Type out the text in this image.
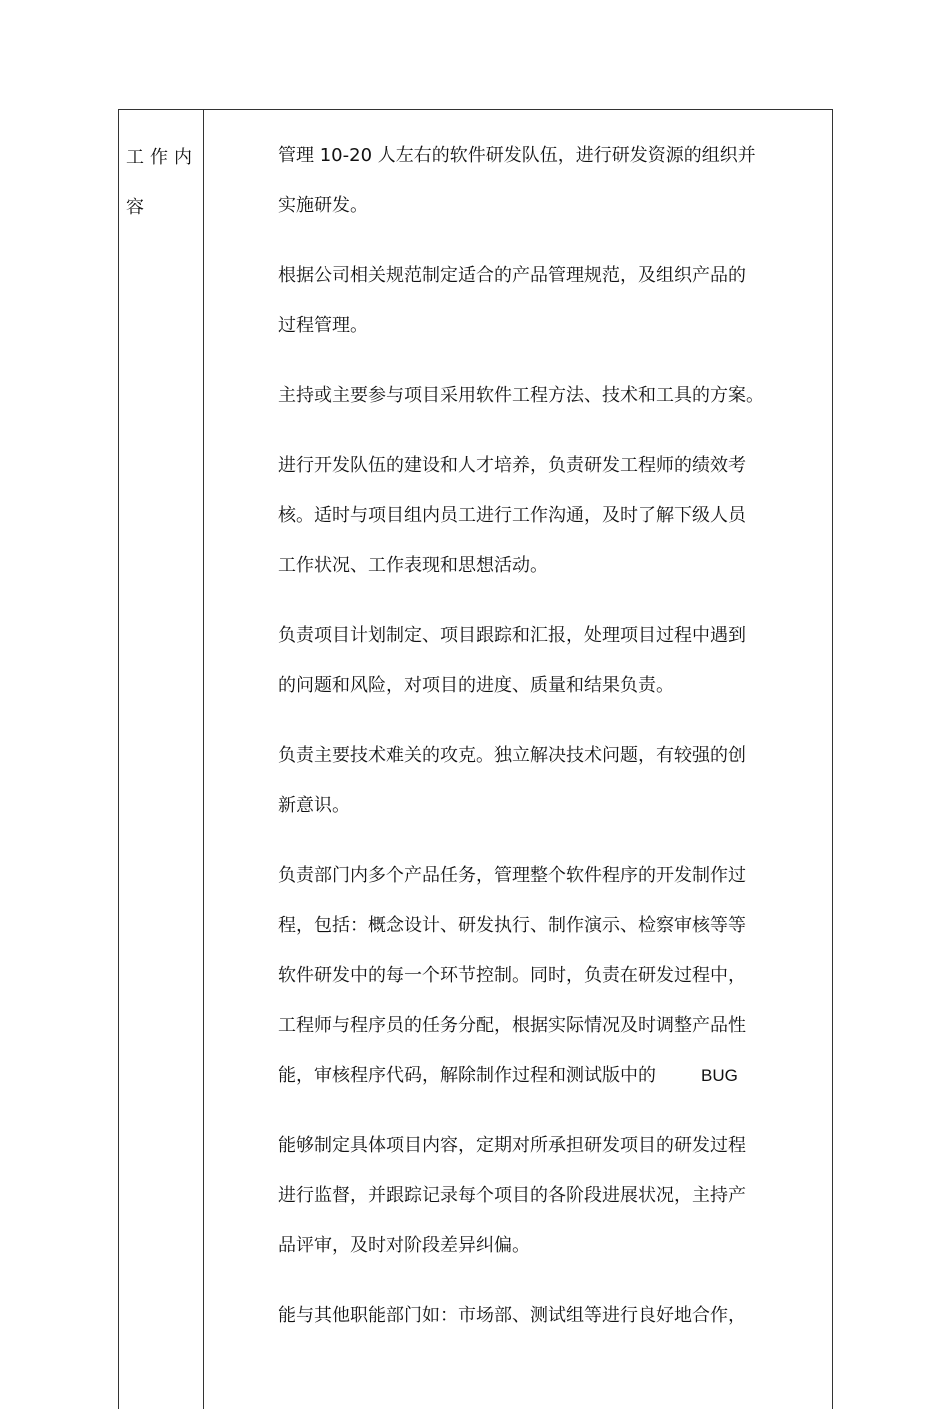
工作内容
管理 10-20 人左右的软件研发队伍，进行研发资源的组织并
实施研发。
根据公司相关规范制定适合的产品管理规范，及组织产品的
过程管理。
主持或主要参与项目采用软件工程方法、技术和工具的方案。
进行开发队伍的建设和人才培养，负责研发工程师的绩效考
核。适时与项目组内员工进行工作沟通，及时了解下级人员
工作状况、工作表现和思想活动。
负责项目计划制定、项目跟踪和汇报，处理项目过程中遇到
的问题和风险，对项目的进度、质量和结果负责。
负责主要技术难关的攻克。独立解决技术问题，有较强的创
新意识。
负责部门内多个产品任务，管理整个软件程序的开发制作过
程，包括：概念设计、研发执行、制作演示、检察审核等等
软件研发中的每一个环节控制。同时，负责在研发过程中，
工程师与程序员的任务分配，根据实际情况及时调整产品性
能，审核程序代码，解除制作过程和测试版中的	BUG
能够制定具体项目内容，定期对所承担研发项目的研发过程
进行监督，并跟踪记录每个项目的各阶段进展状况，主持产
品评审，及时对阶段差异纠偏。
能与其他职能部门如：市场部、测试组等进行良好地合作，
